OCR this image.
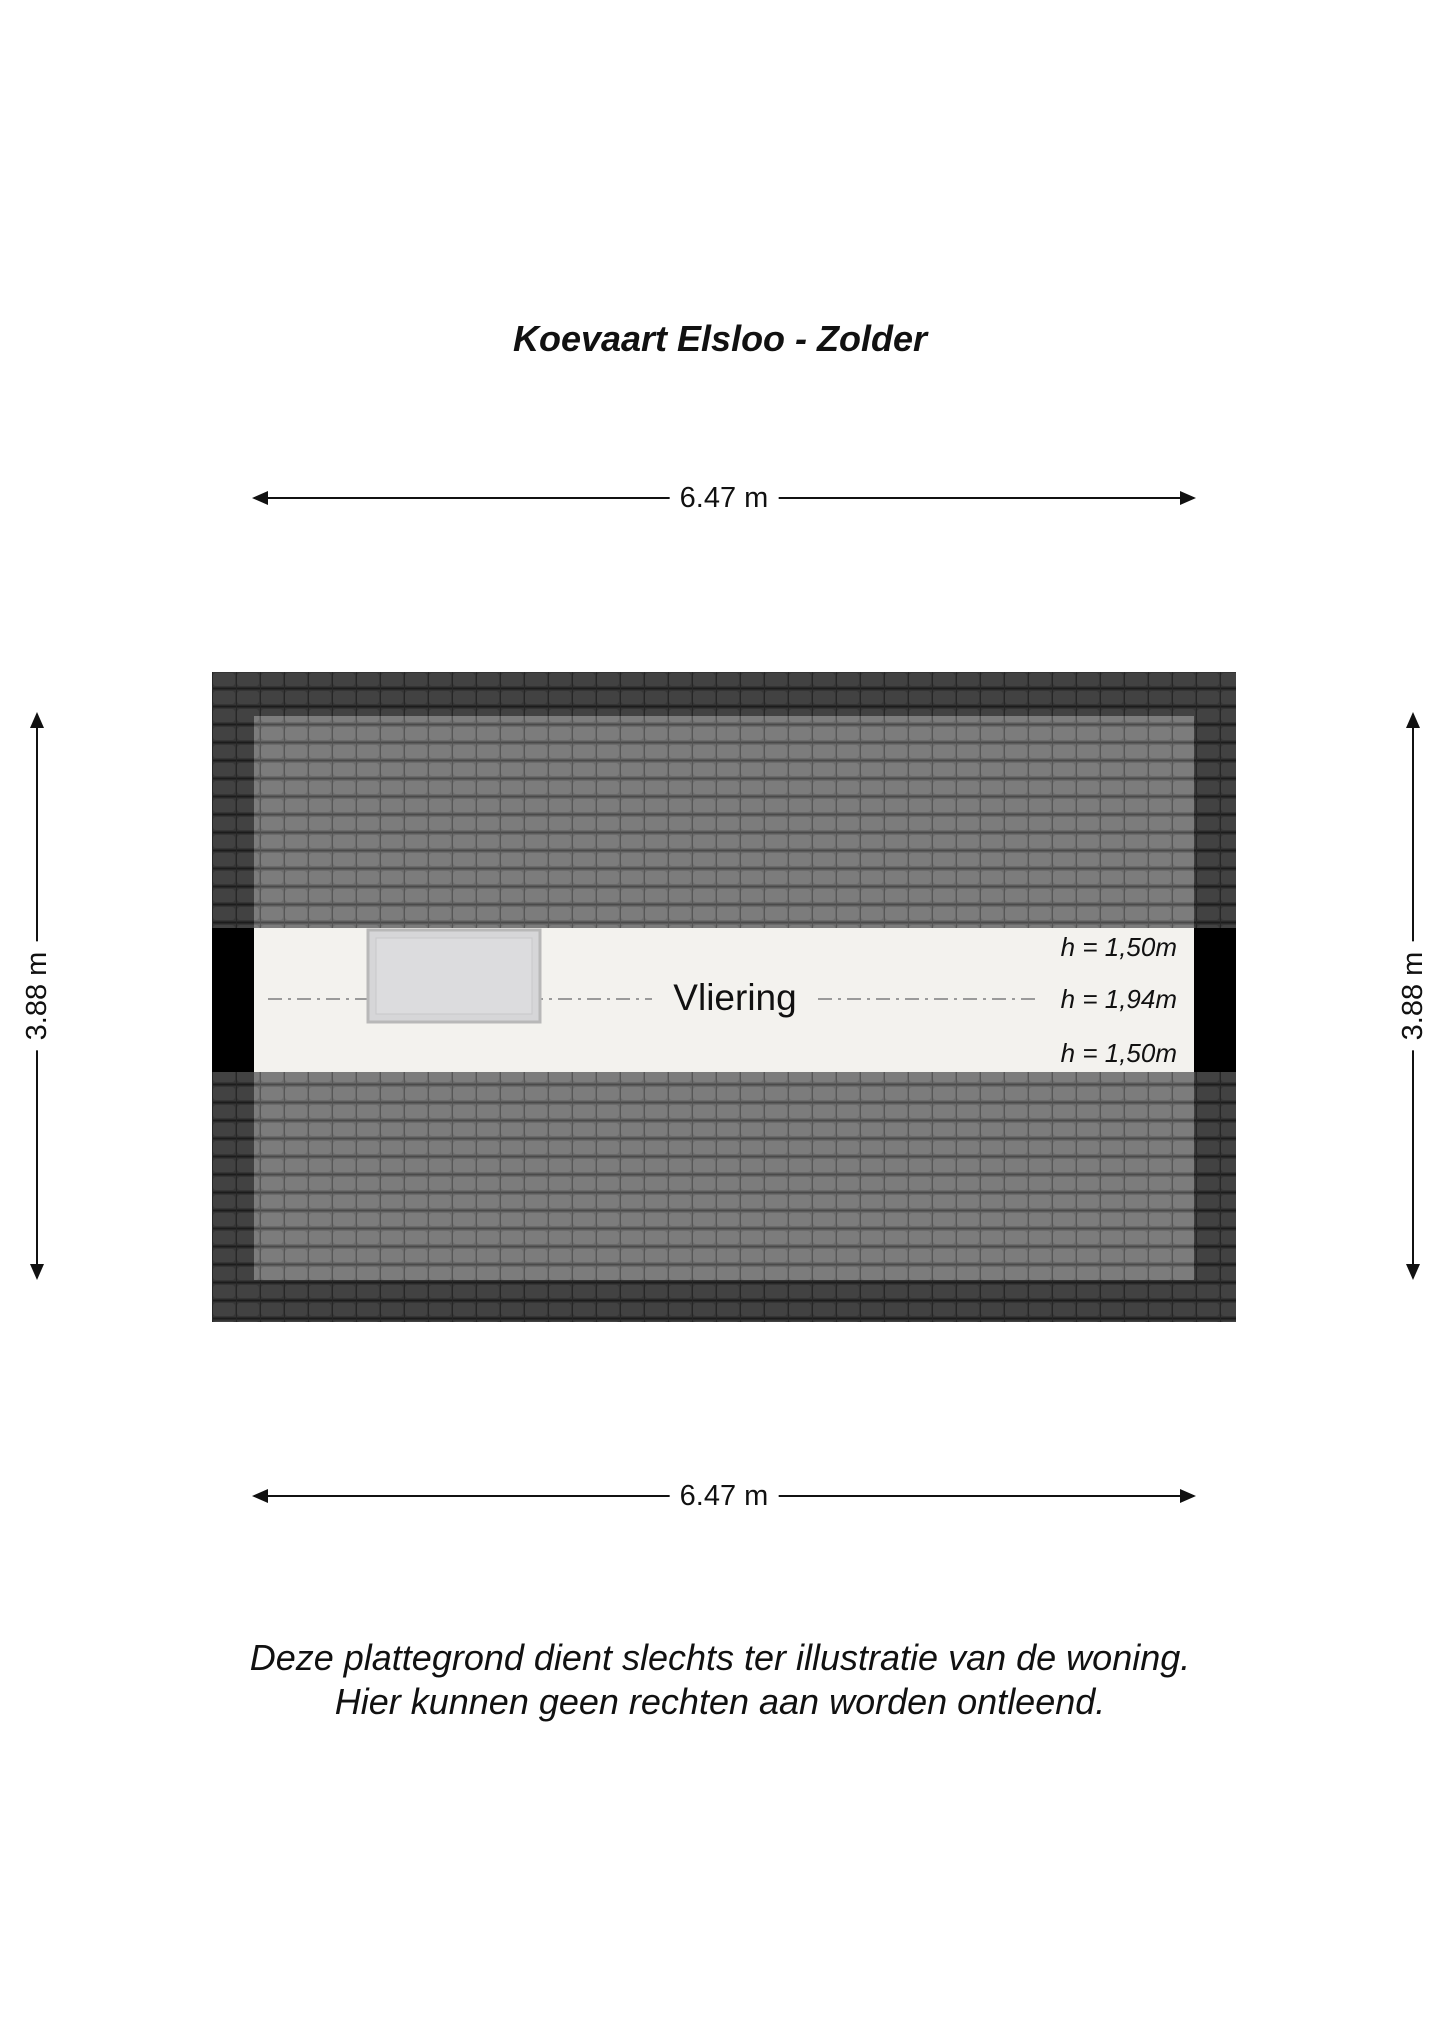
Koevaart Elsloo - Zolder
6.47 m
3.88 m	3.88 m
Vliering
h = 1,50m
h = 1,94m
h = 1,50m
6.47 m
Deze plattegrond dient slechts ter illustratie van de woning.
Hier kunnen geen rechten aan worden ontleend.
